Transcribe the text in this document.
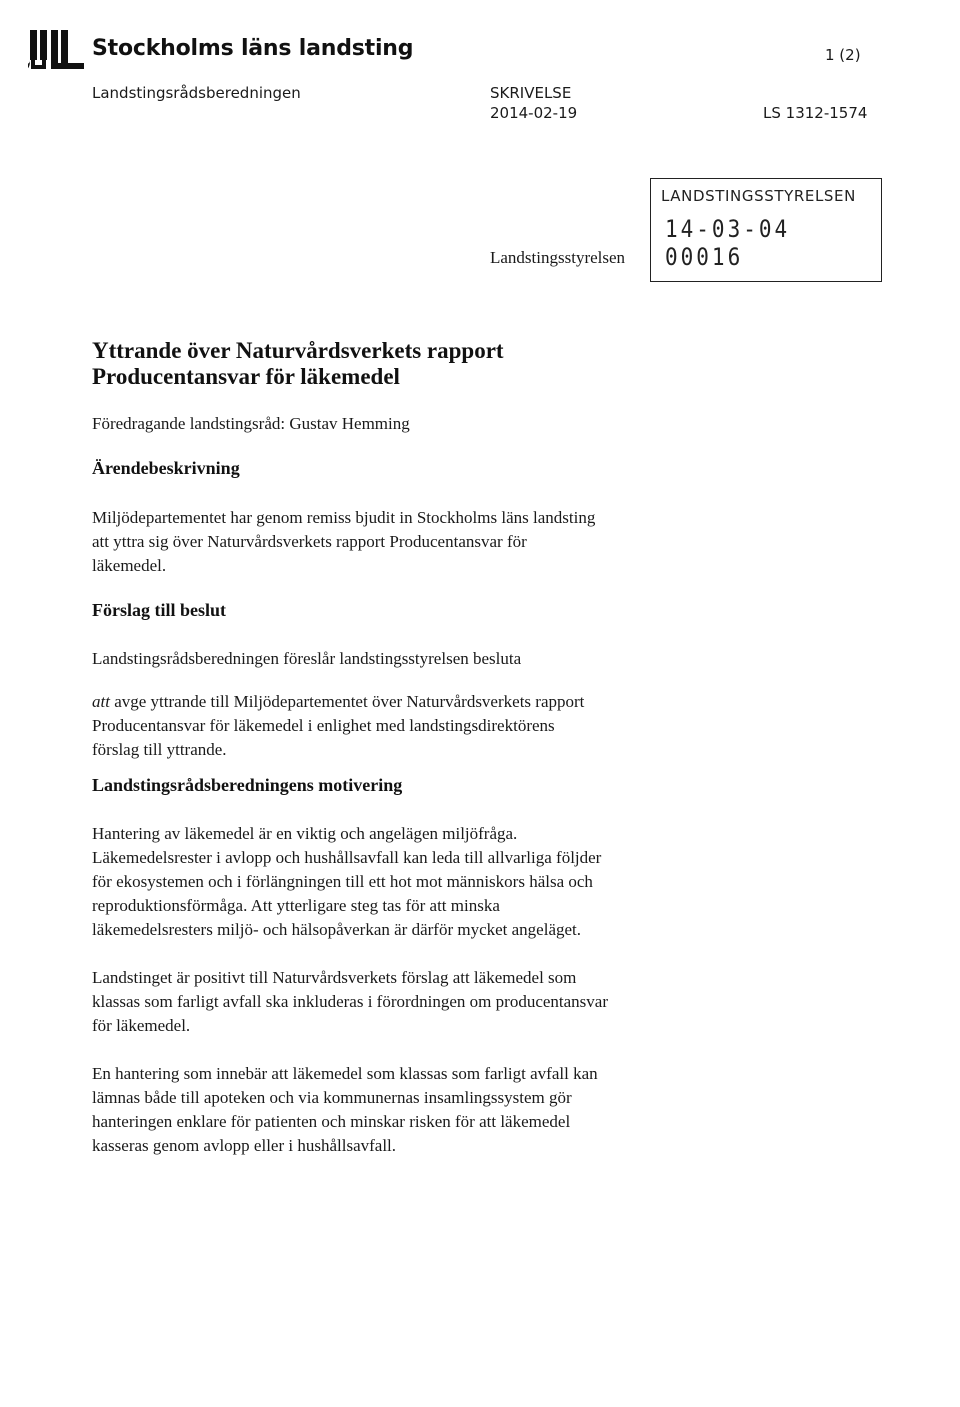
Stockholms läns landsting	1 (2)
Landstingsrådsberedningen	SKRIVELSE
2014-02-19	LS 1312-1574
Landstingsstyrelsen
LANDSTINGSSTYRELSEN
14-03-04 00016
Yttrande över Naturvårdsverkets rapport
Producentansvar för läkemedel
Föredragande landstingsråd: Gustav Hemming
Ärendebeskrivning
Miljödepartementet har genom remiss bjudit in Stockholms läns landsting
att yttra sig över Naturvårdsverkets rapport Producentansvar för
läkemedel.
Förslag till beslut
Landstingsrådsberedningen föreslår landstingsstyrelsen besluta
att avge yttrande till Miljödepartementet över Naturvårdsverkets rapport
Producentansvar för läkemedel i enlighet med landstingsdirektörens
förslag till yttrande.
Landstingsrådsberedningens motivering
Hantering av läkemedel är en viktig och angelägen miljöfråga.
Läkemedelsrester i avlopp och hushållsavfall kan leda till allvarliga följder
för ekosystemen och i förlängningen till ett hot mot människors hälsa och
reproduktionsförmåga. Att ytterligare steg tas för att minska
läkemedelsresters miljö- och hälsopåverkan är därför mycket angeläget.
Landstinget är positivt till Naturvårdsverkets förslag att läkemedel som
klassas som farligt avfall ska inkluderas i förordningen om producentansvar
för läkemedel.
En hantering som innebär att läkemedel som klassas som farligt avfall kan
lämnas både till apoteken och via kommunernas insamlingssystem gör
hanteringen enklare för patienten och minskar risken för att läkemedel
kasseras genom avlopp eller i hushållsavfall.
